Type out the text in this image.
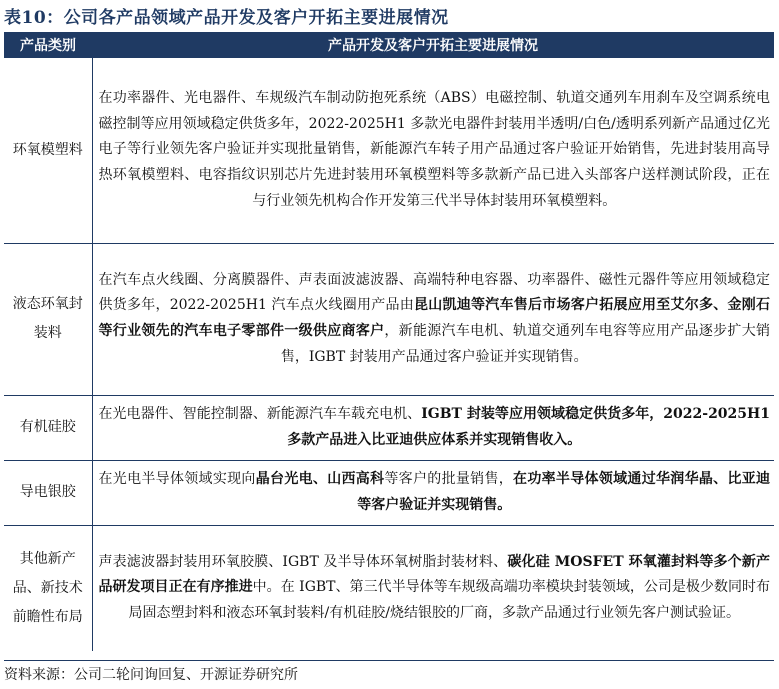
表10：公司各产品领域产品开发及客户开拓主要进展情况
产品类别	产品开发及客户开拓主要进展情况
环氧模塑料	在功率器件、光电器件、车规级汽车制动防抱死系统（ABS）电磁控制、轨道交通列车用刹车及空调系统电磁控制等应用领域稳定供货多年，2022-2025H1 多款光电器件封装用半透明/白色/透明系列新产品通过亿光电子等行业领先客户验证并实现批量销售，新能源汽车转子用产品通过客户验证开始销售，先进封装用高导热环氧模塑料、电容指纹识别芯片先进封装用环氧模塑料等多款新产品已进入头部客户送样测试阶段，正在与行业领先机构合作开发第三代半导体封装用环氧模塑料。
液态环氧封装料	在汽车点火线圈、分离膜器件、声表面波滤波器、高端特种电容器、功率器件、磁性元器件等应用领域稳定供货多年，2022-2025H1 汽车点火线圈用产品由昆山凯迪等汽车售后市场客户拓展应用至艾尔多、金刚石等行业领先的汽车电子零部件一级供应商客户，新能源汽车电机、轨道交通列车电容等应用产品逐步扩大销售，IGBT 封装用产品通过客户验证并实现销售。
有机硅胶	在光电器件、智能控制器、新能源汽车车载充电机、IGBT 封装等应用领域稳定供货多年，2022-2025H1 多款产品进入比亚迪供应体系并实现销售收入。
导电银胶	在光电半导体领域实现向晶台光电、山西高科等客户的批量销售，在功率半导体领域通过华润华晶、比亚迪等客户验证并实现销售。
其他新产品、新技术前瞻性布局	声表滤波器封装用环氧胶膜、IGBT 及半导体环氧树脂封装材料、碳化硅 MOSFET 环氧灌封料等多个新产品研发项目正在有序推进中。在 IGBT、第三代半导体等车规级高端功率模块封装领域，公司是极少数同时布局固态塑封料和液态环氧封装料/有机硅胶/烧结银胶的厂商，多款产品通过行业领先客户测试验证。
资料来源：公司二轮问询回复、开源证券研究所
